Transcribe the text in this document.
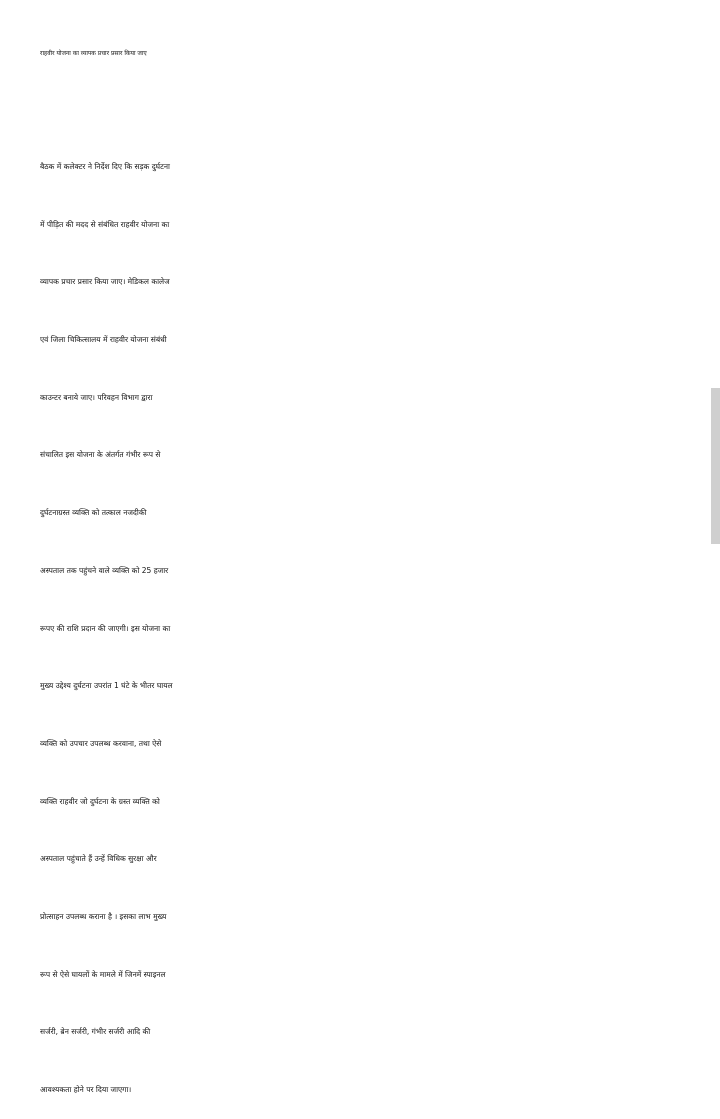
राहवीर योजना का व्यापक प्रचार प्रसार किया जाए

बैठक में कलेक्टर ने निर्देश दिए कि सड़क दुर्घटना

में पीड़ित की मदद से संबंधित राहवीर योजना का

व्यापक प्रचार प्रसार किया जाए। मेडिकल कालेज

एवं जिला चिकित्सालय में राहवीर योजना संबंधी

काउन्टर बनाये जाए। परिवहन विभाग द्वारा

संचालित इस योजना के अंतर्गत गंभीर रूप से

दुर्घटनाग्रस्त व्यक्ति को तत्काल नजदीकी

अस्पताल तक पहुंचने वाले व्यक्ति को 25 हजार

रूपए की राशि प्रदान की जाएगी। इस योजना का

मुख्य उद्देश्य दुर्घटना उपरांत 1 घंटे के भीतर घायल

व्यक्ति को उपचार उपलब्ध करवाना, तथा ऐसे

व्यक्ति राहवीर जो दुर्घटना के ग्रस्त व्यक्ति को

अस्पताल पहुंचाते हैं उन्हें विधिक सुरक्षा और

प्रोत्साहन उपलब्ध कराना है । इसका लाभ मुख्य

रूप से ऐसे घायलों के मामले में जिनमें स्पाइनल

सर्जरी, ब्रेन सर्जरी, गंभीर सर्जरी आदि की

आवश्यकता होने पर दिया जाएगा।
